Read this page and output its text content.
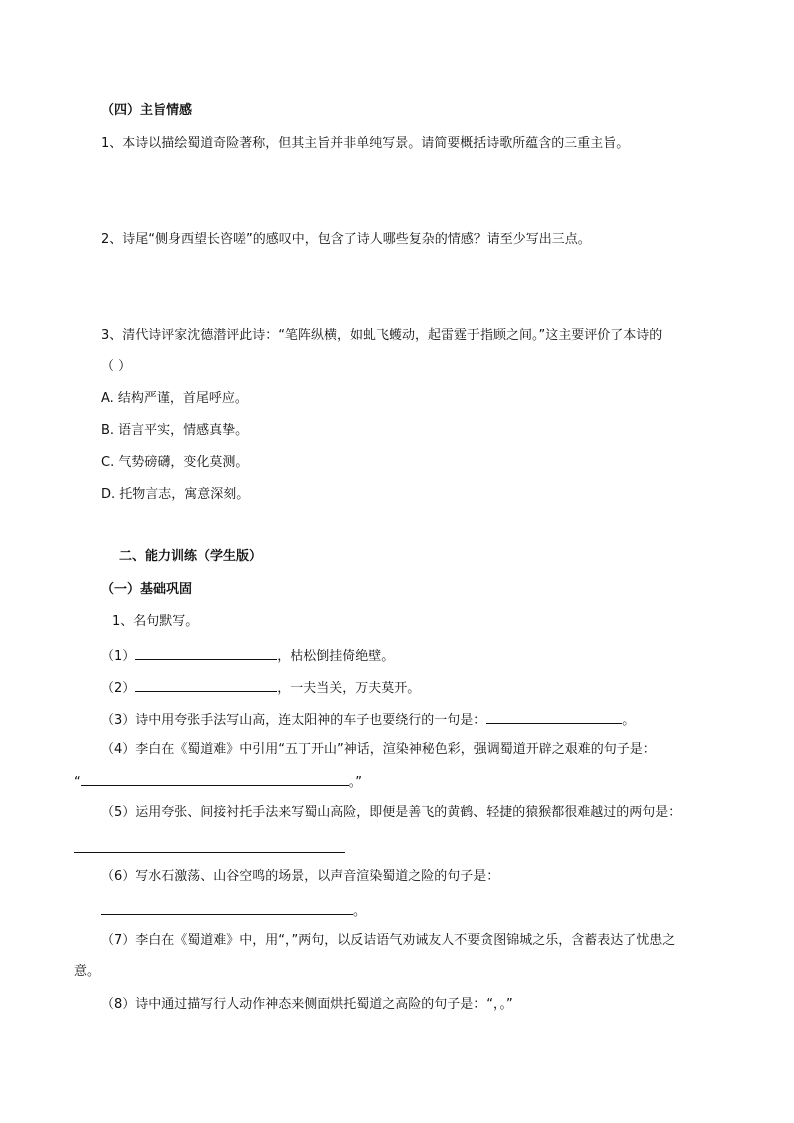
（四）主旨情感
1、本诗以描绘蜀道奇险著称，但其主旨并非单纯写景。请简要概括诗歌所蕴含的三重主旨。
2、诗尾“侧身西望长咨嗟”的感叹中，包含了诗人哪些复杂的情感？请至少写出三点。
3、清代诗评家沈德潜评此诗：“笔阵纵横，如虬飞蠖动，起雷霆于指顾之间。”这主要评价了本诗的
（ ）
A. 结构严谨，首尾呼应。
B. 语言平实，情感真挚。
C. 气势磅礴，变化莫测。
D. 托物言志，寓意深刻。
二、能力训练（学生版）
（一）基础巩固
1、名句默写。
（1）	，枯松倒挂倚绝壁。
（2）	，一夫当关，万夫莫开。
（3）诗中用夸张手法写山高，连太阳神的车子也要绕行的一句是：	。
（4）李白在《蜀道难》中引用“五丁开山”神话，渲染神秘色彩，强调蜀道开辟之艰难的句子是：
“	。”
（5）运用夸张、间接衬托手法来写蜀山高险，即便是善飞的黄鹤、轻捷的猿猴都很难越过的两句是：
（6）写水石激荡、山谷空鸣的场景，以声音渲染蜀道之险的句子是：
。
（7）李白在《蜀道难》中，用“，”两句，以反诘语气劝诫友人不要贪图锦城之乐，含蓄表达了忧患之
意。
（8）诗中通过描写行人动作神态来侧面烘托蜀道之高险的句子是：“，。”
